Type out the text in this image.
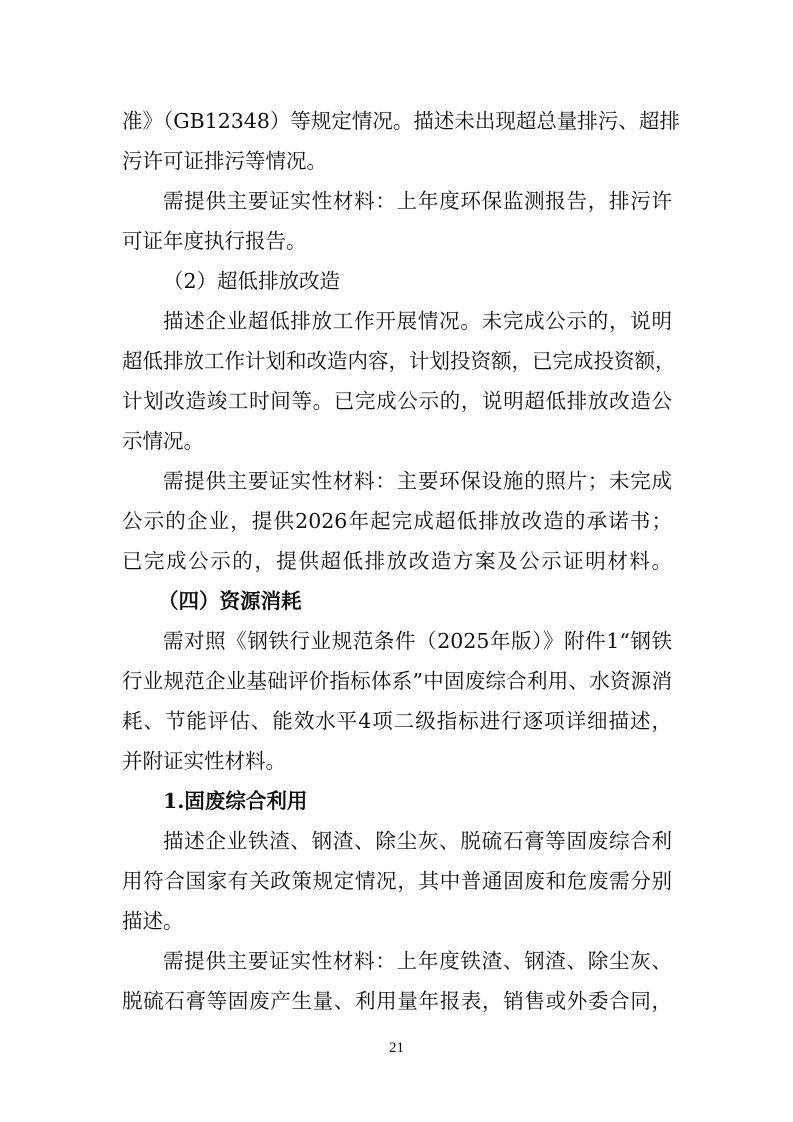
准》（GB12348）等规定情况。描述未出现超总量排污、超排
污许可证排污等情况。
需提供主要证实性材料：上年度环保监测报告，排污许
可证年度执行报告。
（2）超低排放改造
描述企业超低排放工作开展情况。未完成公示的，说明
超低排放工作计划和改造内容，计划投资额，已完成投资额，
计划改造竣工时间等。已完成公示的，说明超低排放改造公
示情况。
需提供主要证实性材料：主要环保设施的照片；未完成
公示的企业，提供2026年起完成超低排放改造的承诺书；
已完成公示的，提供超低排放改造方案及公示证明材料。
（四）资源消耗
需对照《钢铁行业规范条件（2025年版）》附件1“钢铁
行业规范企业基础评价指标体系”中固废综合利用、水资源消
耗、节能评估、能效水平4项二级指标进行逐项详细描述，
并附证实性材料。
1.固废综合利用
描述企业铁渣、钢渣、除尘灰、脱硫石膏等固废综合利
用符合国家有关政策规定情况，其中普通固废和危废需分别
描述。
需提供主要证实性材料：上年度铁渣、钢渣、除尘灰、
脱硫石膏等固废产生量、利用量年报表，销售或外委合同，
21
